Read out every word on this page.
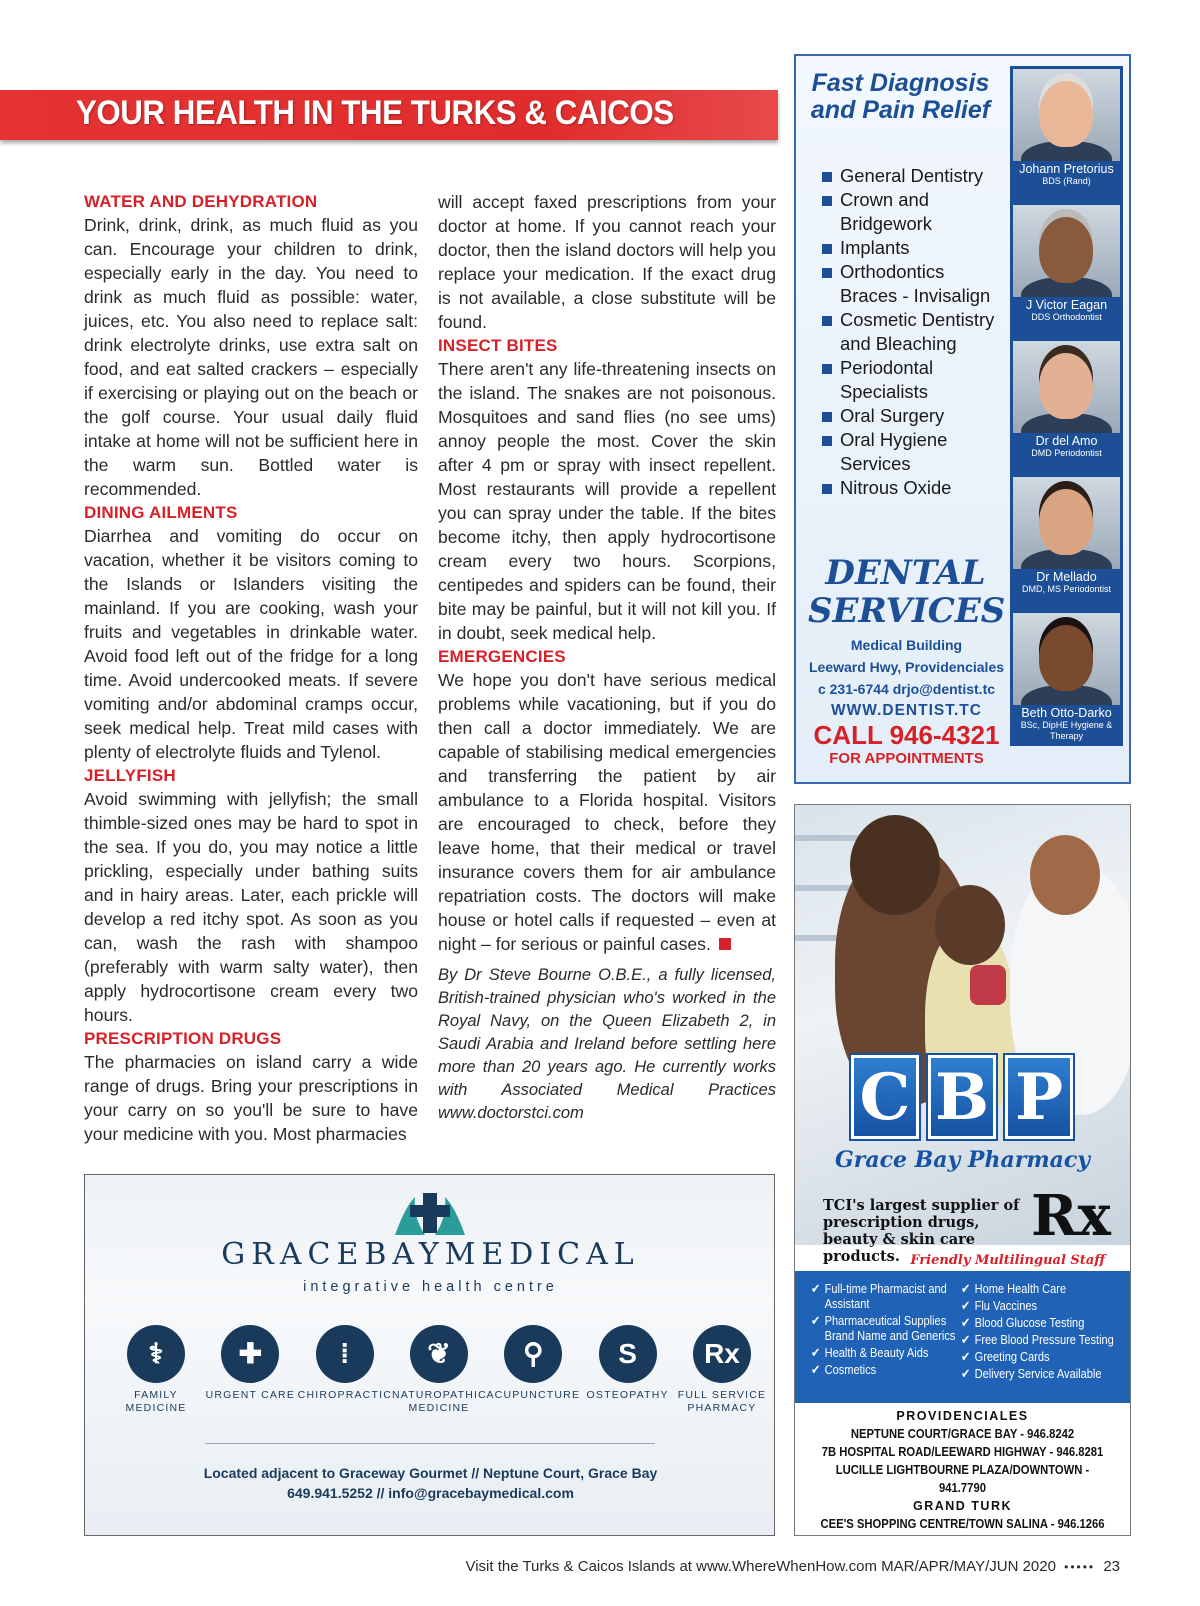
YOUR HEALTH IN THE TURKS & CAICOS
WATER AND DEHYDRATION

Drink, drink, drink, as much fluid as you can. Encourage your children to drink, especially early in the day. You need to drink as much fluid as possible: water, juices, etc. You also need to replace salt: drink electrolyte drinks, use extra salt on food, and eat salted crackers – especially if exercising or playing out on the beach or the golf course. Your usual daily fluid intake at home will not be sufficient here in the warm sun. Bottled water is recommended.

DINING AILMENTS

Diarrhea and vomiting do occur on vacation, whether it be visitors coming to the Islands or Islanders visiting the mainland. If you are cooking, wash your fruits and vegetables in drinkable water. Avoid food left out of the fridge for a long time. Avoid undercooked meats. If severe vomiting and/or abdominal cramps occur, seek medical help. Treat mild cases with plenty of electrolyte fluids and Tylenol.

JELLYFISH

Avoid swimming with jellyfish; the small thimble-sized ones may be hard to spot in the sea. If you do, you may notice a little prickling, especially under bathing suits and in hairy areas. Later, each prickle will develop a red itchy spot. As soon as you can, wash the rash with shampoo (preferably with warm salty water), then apply hydrocortisone cream every two hours.

PRESCRIPTION DRUGS

The pharmacies on island carry a wide range of drugs. Bring your prescriptions in your carry on so you'll be sure to have your medicine with you. Most pharmacies

will accept faxed prescriptions from your doctor at home. If you cannot reach your doctor, then the island doctors will help you replace your medication. If the exact drug is not available, a close substitute will be found.

INSECT BITES

There aren't any life-threatening insects on the island. The snakes are not poisonous. Mosquitoes and sand flies (no see ums) annoy people the most. Cover the skin after 4 pm or spray with insect repellent. Most restaurants will provide a repellent you can spray under the table. If the bites become itchy, then apply hydrocortisone cream every two hours. Scorpions, centipedes and spiders can be found, their bite may be painful, but it will not kill you. If in doubt, seek medical help.

EMERGENCIES

We hope you don't have serious medical problems while vacationing, but if you do then call a doctor immediately. We are capable of stabilising medical emergencies and transferring the patient by air ambulance to a Florida hospital. Visitors are encouraged to check, before they leave home, that their medical or travel insurance covers them for air ambulance repatriation costs. The doctors will make house or hotel calls if requested – even at night – for serious or painful cases.

By Dr Steve Bourne O.B.E., a fully licensed, British-trained physician who's worked in the Royal Navy, on the Queen Elizabeth 2, in Saudi Arabia and Ireland before settling here more than 20 years ago. He currently works with Associated Medical Practices www.doctorstci.com

Fast Diagnosis and Pain Relief
General Dentistry
Crown and Bridgework
Implants
Orthodontics Braces - Invisalign
Cosmetic Dentistry and Bleaching
Periodontal Specialists
Oral Surgery
Oral Hygiene Services
Nitrous Oxide
DENTAL
SERVICES
Medical Building
Leeward Hwy, Providenciales
c 231-6744 drjo@dentist.tc
WWW.DENTIST.TC
CALL 946-4321
FOR APPOINTMENTS
Johann Pretorius
BDS (Rand)
J Victor Eagan
DDS Orthodontist
Dr del Amo
DMD Periodontist
Dr Mellado
DMD, MS Periodontist
Beth Otto-Darko
BSc, DipHE Hygiene & Therapy
C B P
Grace Bay Pharmacy
TCI's largest supplier of prescription drugs, beauty & skin care products.
Rx
Friendly Multilingual Staff
✔ Full-time Pharmacist and Assistant
✔ Pharmaceutical Supplies Brand Name and Generics
✔ Health & Beauty Aids
✔ Cosmetics
✔ Home Health Care
✔ Flu Vaccines
✔ Blood Glucose Testing
✔ Free Blood Pressure Testing
✔ Greeting Cards
✔ Delivery Service Available
PROVIDENCIALES
NEPTUNE COURT/GRACE BAY - 946.8242
7B HOSPITAL ROAD/LEEWARD HIGHWAY - 946.8281
LUCILLE LIGHTBOURNE PLAZA/DOWNTOWN - 941.7790
GRAND TURK
CEE'S SHOPPING CENTRE/TOWN SALINA - 946.1266
GRACEBAYMEDICAL
integrative health centre
⚕
FAMILY MEDICINE
✚
URGENT CARE
⁞
CHIROPRACTIC
❦
NATUROPATHIC MEDICINE
⚲
ACUPUNCTURE
S
OSTEOPATHY
Rx
FULL SERVICE PHARMACY
Located adjacent to Graceway Gourmet // Neptune Court, Grace Bay
649.941.5252 // info@gracebaymedical.com
Visit the Turks & Caicos Islands at www.WhereWhenHow.com MAR/APR/MAY/JUN 2020 ••••• 23
